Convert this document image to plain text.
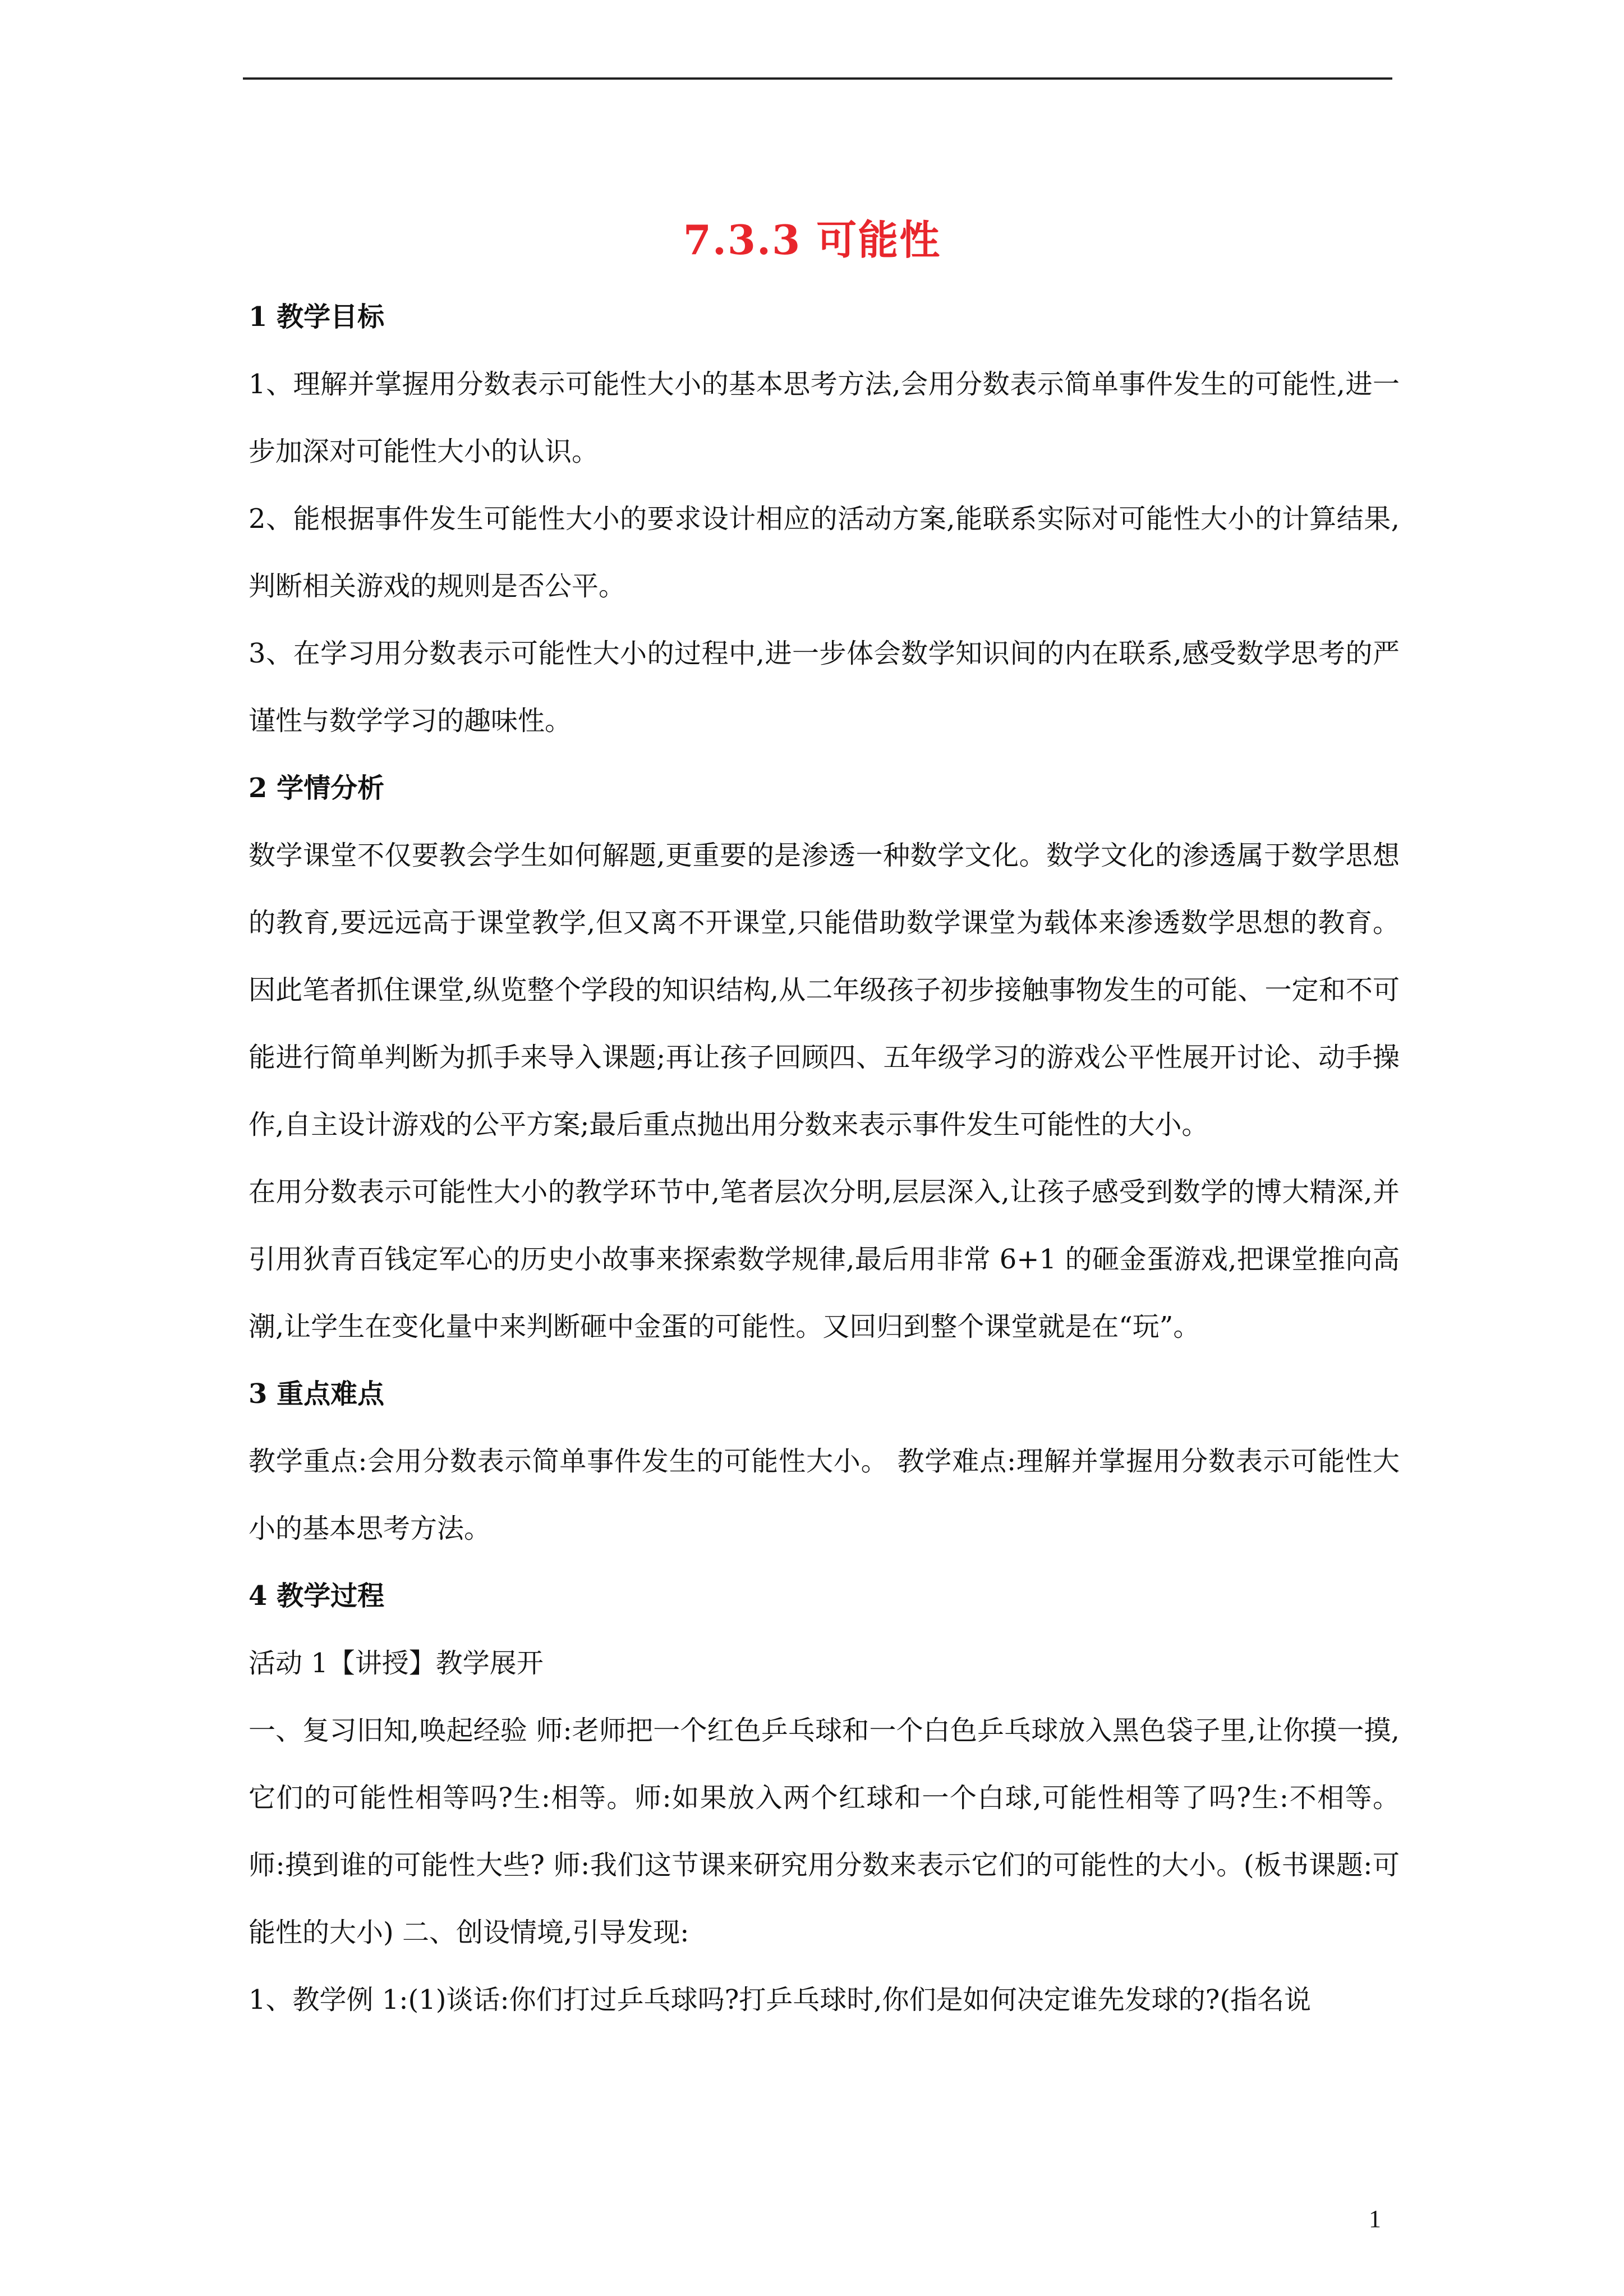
7.3.3 可能性

1 教学目标

1、理解并掌握用分数表示可能性大小的基本思考方法,会用分数表示简单事件发生的可能性,进一步加深对可能性大小的认识。

2、能根据事件发生可能性大小的要求设计相应的活动方案,能联系实际对可能性大小的计算结果,判断相关游戏的规则是否公平。

3、在学习用分数表示可能性大小的过程中,进一步体会数学知识间的内在联系,感受数学思考的严谨性与数学学习的趣味性。

2 学情分析

数学课堂不仅要教会学生如何解题,更重要的是渗透一种数学文化。数学文化的渗透属于数学思想的教育,要远远高于课堂教学,但又离不开课堂,只能借助数学课堂为载体来渗透数学思想的教育。因此笔者抓住课堂,纵览整个学段的知识结构,从二年级孩子初步接触事物发生的可能、一定和不可能进行简单判断为抓手来导入课题;再让孩子回顾四、五年级学习的游戏公平性展开讨论、动手操作,自主设计游戏的公平方案;最后重点抛出用分数来表示事件发生可能性的大小。

在用分数表示可能性大小的教学环节中,笔者层次分明,层层深入,让孩子感受到数学的博大精深,并引用狄青百钱定军心的历史小故事来探索数学规律,最后用非常 6+1 的砸金蛋游戏,把课堂推向高潮,让学生在变化量中来判断砸中金蛋的可能性。又回归到整个课堂就是在“玩”。

3 重点难点

教学重点:会用分数表示简单事件发生的可能性大小。 教学难点:理解并掌握用分数表示可能性大小的基本思考方法。

4 教学过程

活动 1【讲授】教学展开

一、复习旧知,唤起经验 师:老师把一个红色乒乓球和一个白色乒乓球放入黑色袋子里,让你摸一摸,它们的可能性相等吗?生:相等。师:如果放入两个红球和一个白球,可能性相等了吗?生:不相等。 师:摸到谁的可能性大些? 师:我们这节课来研究用分数来表示它们的可能性的大小。(板书课题:可能性的大小) 二、创设情境,引导发现:

1、教学例 1:(1)谈话:你们打过乒乓球吗?打乒乓球时,你们是如何决定谁先发球的?(指名说

1
